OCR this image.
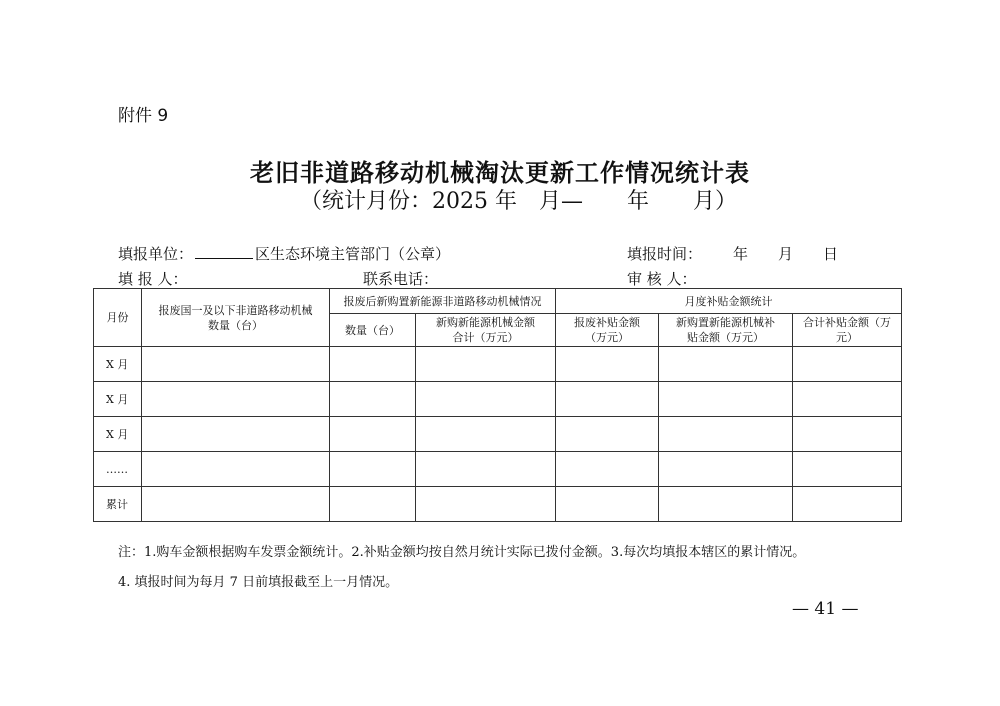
附件 9
老旧非道路移动机械淘汰更新工作情况统计表
（统计月份：2025 年　月—　　年　　月）
填报单位：	区生态环境主管部门（公章）	填报时间： 年　　月　　日
填 报 人：	联系电话：	审 核 人：
月份	报废国一及以下非道路移动机械数量（台）	报废后新购置新能源非道路移动机械情况		月度补贴金额统计		
		数量（台）	新购新能源机械金额合计（万元）	报废补贴金额（万元）	新购置新能源机械补贴金额（万元）	合计补贴金额（万元）
X 月						
X 月						
X 月						
……						
累计						
注：1.购车金额根据购车发票金额统计。2.补贴金额均按自然月统计实际已拨付金额。3.每次均填报本辖区的累计情况。
4. 填报时间为每月 7 日前填报截至上一月情况。
— 41 —
